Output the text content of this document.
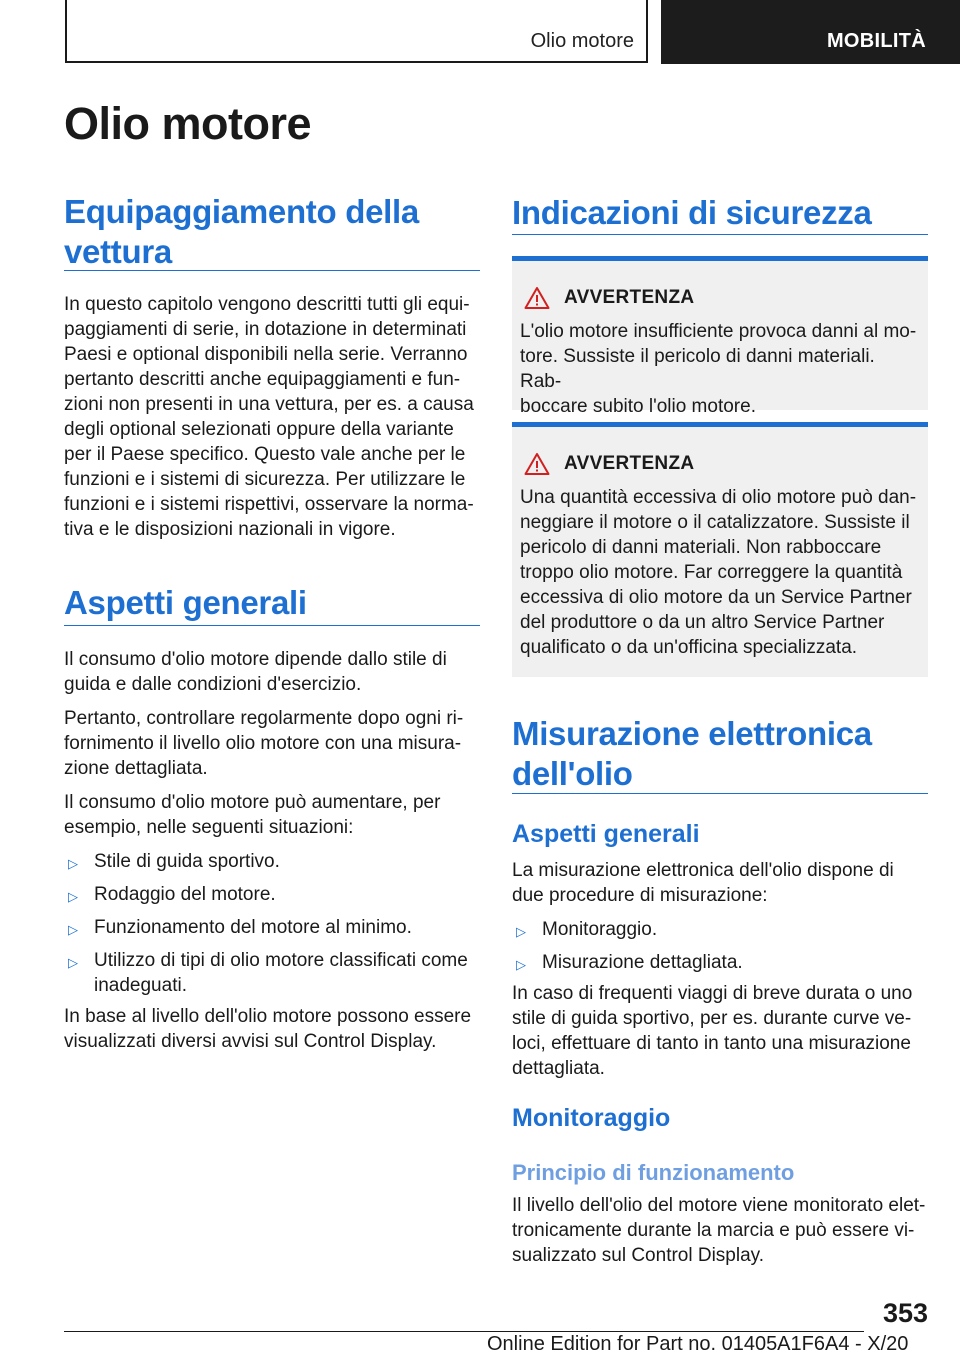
Olio motore	MOBILITÀ
Olio motore
Equipaggiamento della
vettura

In questo capitolo vengono descritti tutti gli equi‐

paggiamenti di serie, in dotazione in determinati

Paesi e optional disponibili nella serie. Verranno

pertanto descritti anche equipaggiamenti e fun‐

zioni non presenti in una vettura, per es. a causa

degli optional selezionati oppure della variante

per il Paese specifico. Questo vale anche per le

funzioni e i sistemi di sicurezza. Per utilizzare le

funzioni e i sistemi rispettivi, osservare la norma‐

tiva e le disposizioni nazionali in vigore.

Aspetti generali

Il consumo d'olio motore dipende dallo stile di

guida e dalle condizioni d'esercizio.

Pertanto, controllare regolarmente dopo ogni ri‐

fornimento il livello olio motore con una misura‐

zione dettagliata.

Il consumo d'olio motore può aumentare, per

esempio, nelle seguenti situazioni:

▷ Stile di guida sportivo.
▷ Rodaggio del motore.
▷ Funzionamento del motore al minimo.
▷ Utilizzo di tipi di olio motore classificati come
inadeguati.

In base al livello dell'olio motore possono essere

visualizzati diversi avvisi sul Control Display.

Indicazioni di sicurezza
AVVERTENZA
L'olio motore insufficiente provoca danni al mo‐
tore. Sussiste il pericolo di danni materiali. Rab‐
boccare subito l'olio motore.
AVVERTENZA
Una quantità eccessiva di olio motore può dan‐
neggiare il motore o il catalizzatore. Sussiste il
pericolo di danni materiali. Non rabboccare
troppo olio motore. Far correggere la quantità
eccessiva di olio motore da un Service Partner
del produttore o da un altro Service Partner
qualificato o da un'officina specializzata.
Misurazione elettronica
dell'olio
Aspetti generali

La misurazione elettronica dell'olio dispone di

due procedure di misurazione:

▷ Monitoraggio.
▷ Misurazione dettagliata.

In caso di frequenti viaggi di breve durata o uno

stile di guida sportivo, per es. durante curve ve‐

loci, effettuare di tanto in tanto una misurazione

dettagliata.

Monitoraggio
Principio di funzionamento

Il livello dell'olio del motore viene monitorato elet‐

tronicamente durante la marcia e può essere vi‐

sualizzato sul Control Display.

353
Online Edition for Part no. 01405A1F6A4 - X/20
